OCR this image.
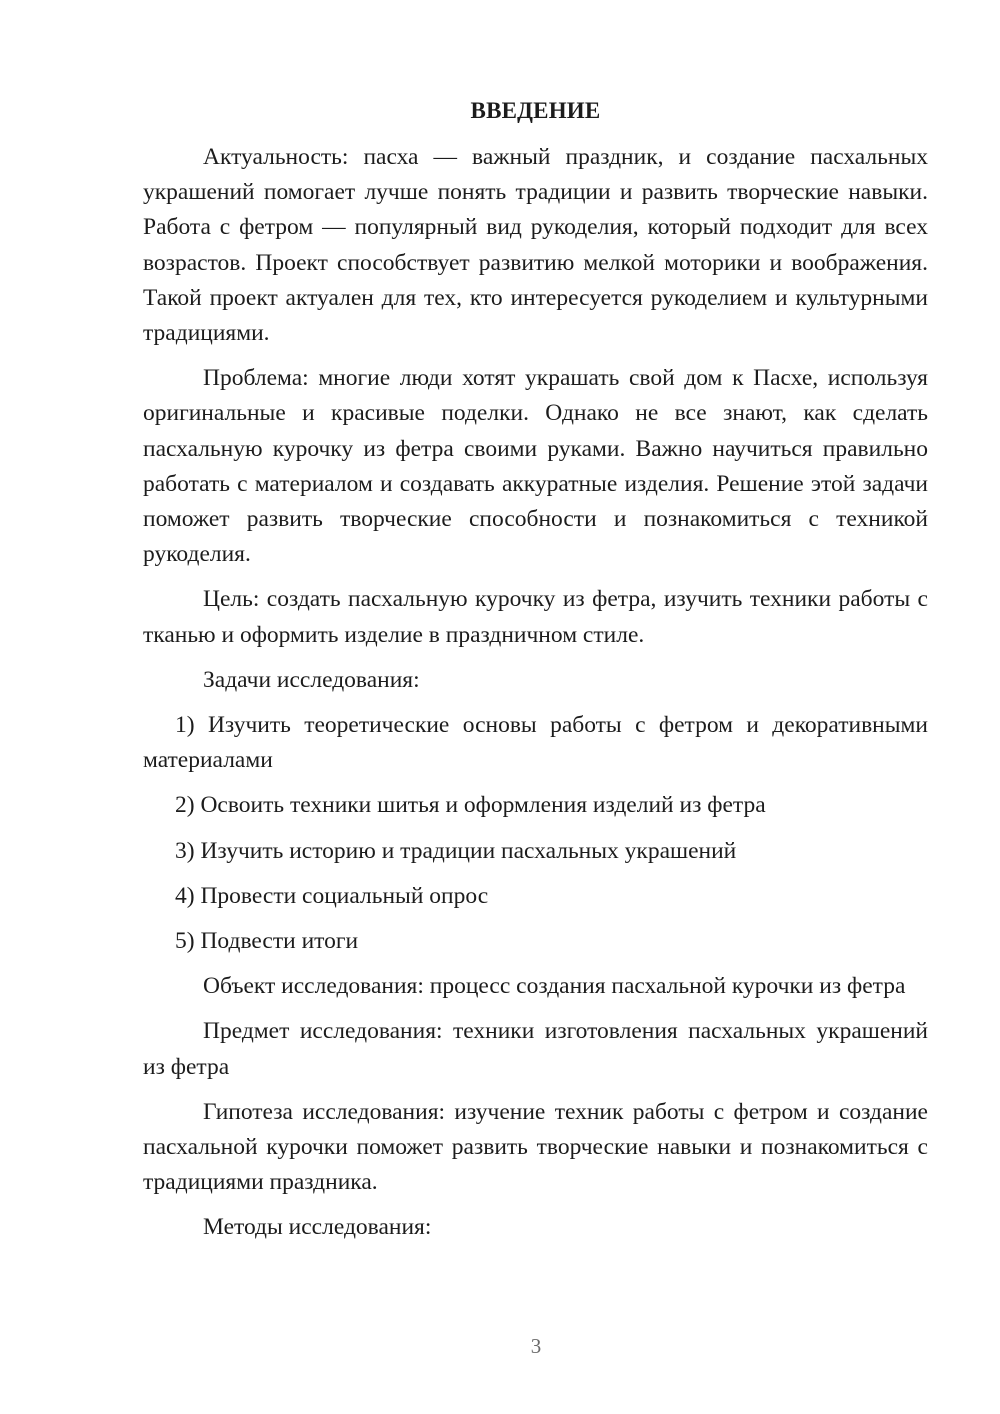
ВВЕДЕНИЕ

Актуальность: пасха — важный праздник, и создание пасхальных украшений помогает лучше понять традиции и развить творческие навыки. Работа с фетром — популярный вид рукоделия, который подходит для всех возрастов. Проект способствует развитию мелкой моторики и воображения. Такой проект актуален для тех, кто интересуется рукоделием и культурными традициями.

Проблема: многие люди хотят украшать свой дом к Пасхе, используя оригинальные и красивые поделки. Однако не все знают, как сделать пасхальную курочку из фетра своими руками. Важно научиться правильно работать с материалом и создавать аккуратные изделия. Решение этой задачи поможет развить творческие способности и познакомиться с техникой рукоделия.

Цель: создать пасхальную курочку из фетра, изучить техники работы с тканью и оформить изделие в праздничном стиле.

Задачи исследования:

1) Изучить теоретические основы работы с фетром и декоративными материалами

2) Освоить техники шитья и оформления изделий из фетра

3) Изучить историю и традиции пасхальных украшений

4) Провести социальный опрос

5) Подвести итоги

Объект исследования: процесс создания пасхальной курочки из фетра

Предмет исследования: техники изготовления пасхальных украшений из фетра

Гипотеза исследования: изучение техник работы с фетром и создание пасхальной курочки поможет развить творческие навыки и познакомиться с традициями праздника.

Методы исследования:

3
